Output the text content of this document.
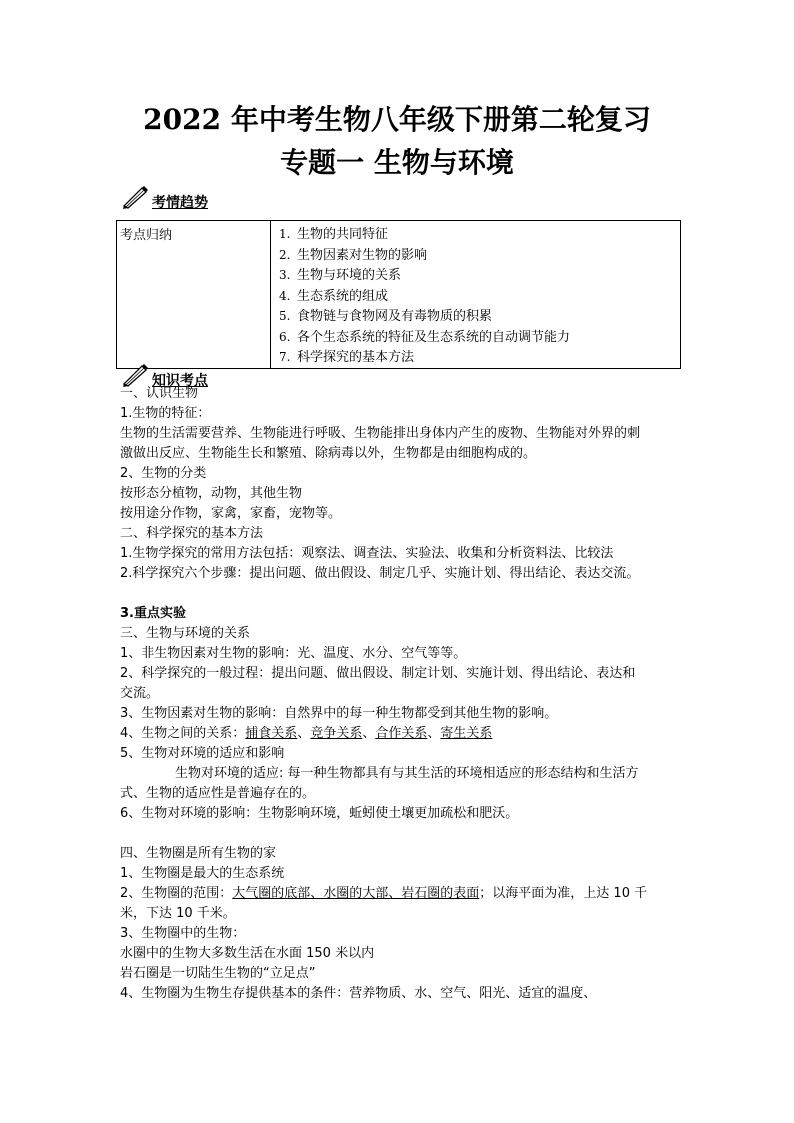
2022 年中考生物八年级下册第二轮复习
专题一 生物与环境
考情趋势
考点归纳	1. 生物的共同特征
2. 生物因素对生物的影响
3. 生物与环境的关系
4. 生态系统的组成
5. 食物链与食物网及有毒物质的积累
6. 各个生态系统的特征及生态系统的自动调节能力
7. 科学探究的基本方法
知识考点
一、认识生物
1.生物的特征：
生物的生活需要营养、生物能进行呼吸、生物能排出身体内产生的废物、生物能对外界的刺
激做出反应、生物能生长和繁殖、除病毒以外，生物都是由细胞构成的。
2、生物的分类
按形态分植物，动物，其他生物
按用途分作物，家禽，家畜，宠物等。
二、科学探究的基本方法
1.生物学探究的常用方法包括：观察法、调查法、实验法、收集和分析资料法、比较法
2.科学探究六个步骤：提出问题、做出假设、制定几乎、实施计划、得出结论、表达交流。
3.重点实验
三、生物与环境的关系
1、非生物因素对生物的影响：光、温度、水分、空气等等。
2、科学探究的一般过程：提出问题、做出假设、制定计划、实施计划、得出结论、表达和
交流。
3、生物因素对生物的影响：自然界中的每一种生物都受到其他生物的影响。
4、生物之间的关系：捕食关系、竞争关系、合作关系、寄生关系
5、生物对环境的适应和影响
生物对环境的适应: 每一种生物都具有与其生活的环境相适应的形态结构和生活方
式、生物的适应性是普遍存在的。
6、生物对环境的影响：生物影响环境，蚯蚓使土壤更加疏松和肥沃。
四、生物圈是所有生物的家
1、生物圈是最大的生态系统
2、生物圈的范围：大气圈的底部、水圈的大部、岩石圈的表面；以海平面为准，上达 10 千
米，下达 10 千米。
3、生物圈中的生物：
水圈中的生物大多数生活在水面 150 米以内
岩石圈是一切陆生生物的“立足点”
4、生物圈为生物生存提供基本的条件：营养物质、水、空气、阳光、适宜的温度、
